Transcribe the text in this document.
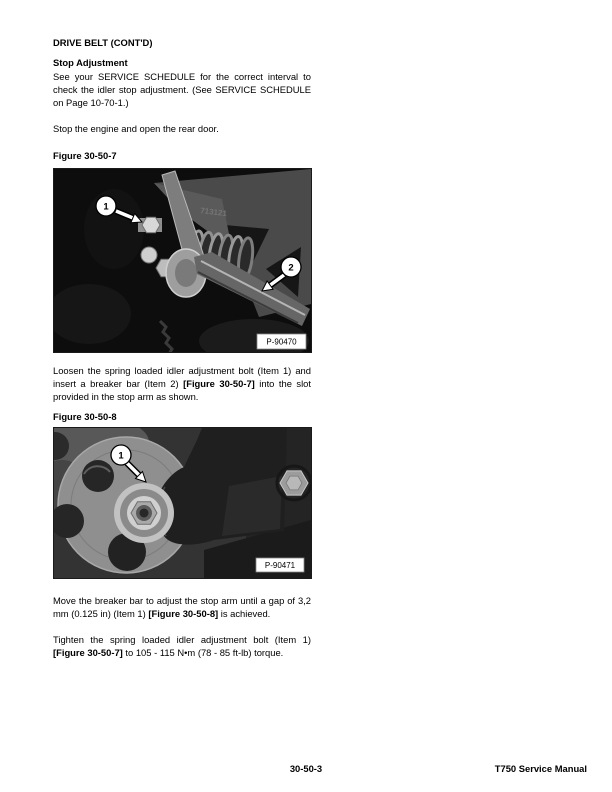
DRIVE BELT (CONT'D)
Stop Adjustment

See your SERVICE SCHEDULE for the correct interval to check the idler stop adjustment. (See SERVICE SCHEDULE on Page 10-70-1.)

Stop the engine and open the rear door.

Figure 30-50-7
713121
2
1
P-90470

Loosen the spring loaded idler adjustment bolt (Item 1) and insert a breaker bar (Item 2) [Figure 30-50-7] into the slot provided in the stop arm as shown.

Figure 30-50-8
1
P-90471

Move the breaker bar to adjust the stop arm until a gap of 3,2 mm (0.125 in) (Item 1) [Figure 30-50-8] is achieved.

Tighten the spring loaded idler adjustment bolt (Item 1) [Figure 30-50-7] to 105 - 115 N•m (78 - 85 ft-lb) torque.

30-50-3	T750 Service Manual
